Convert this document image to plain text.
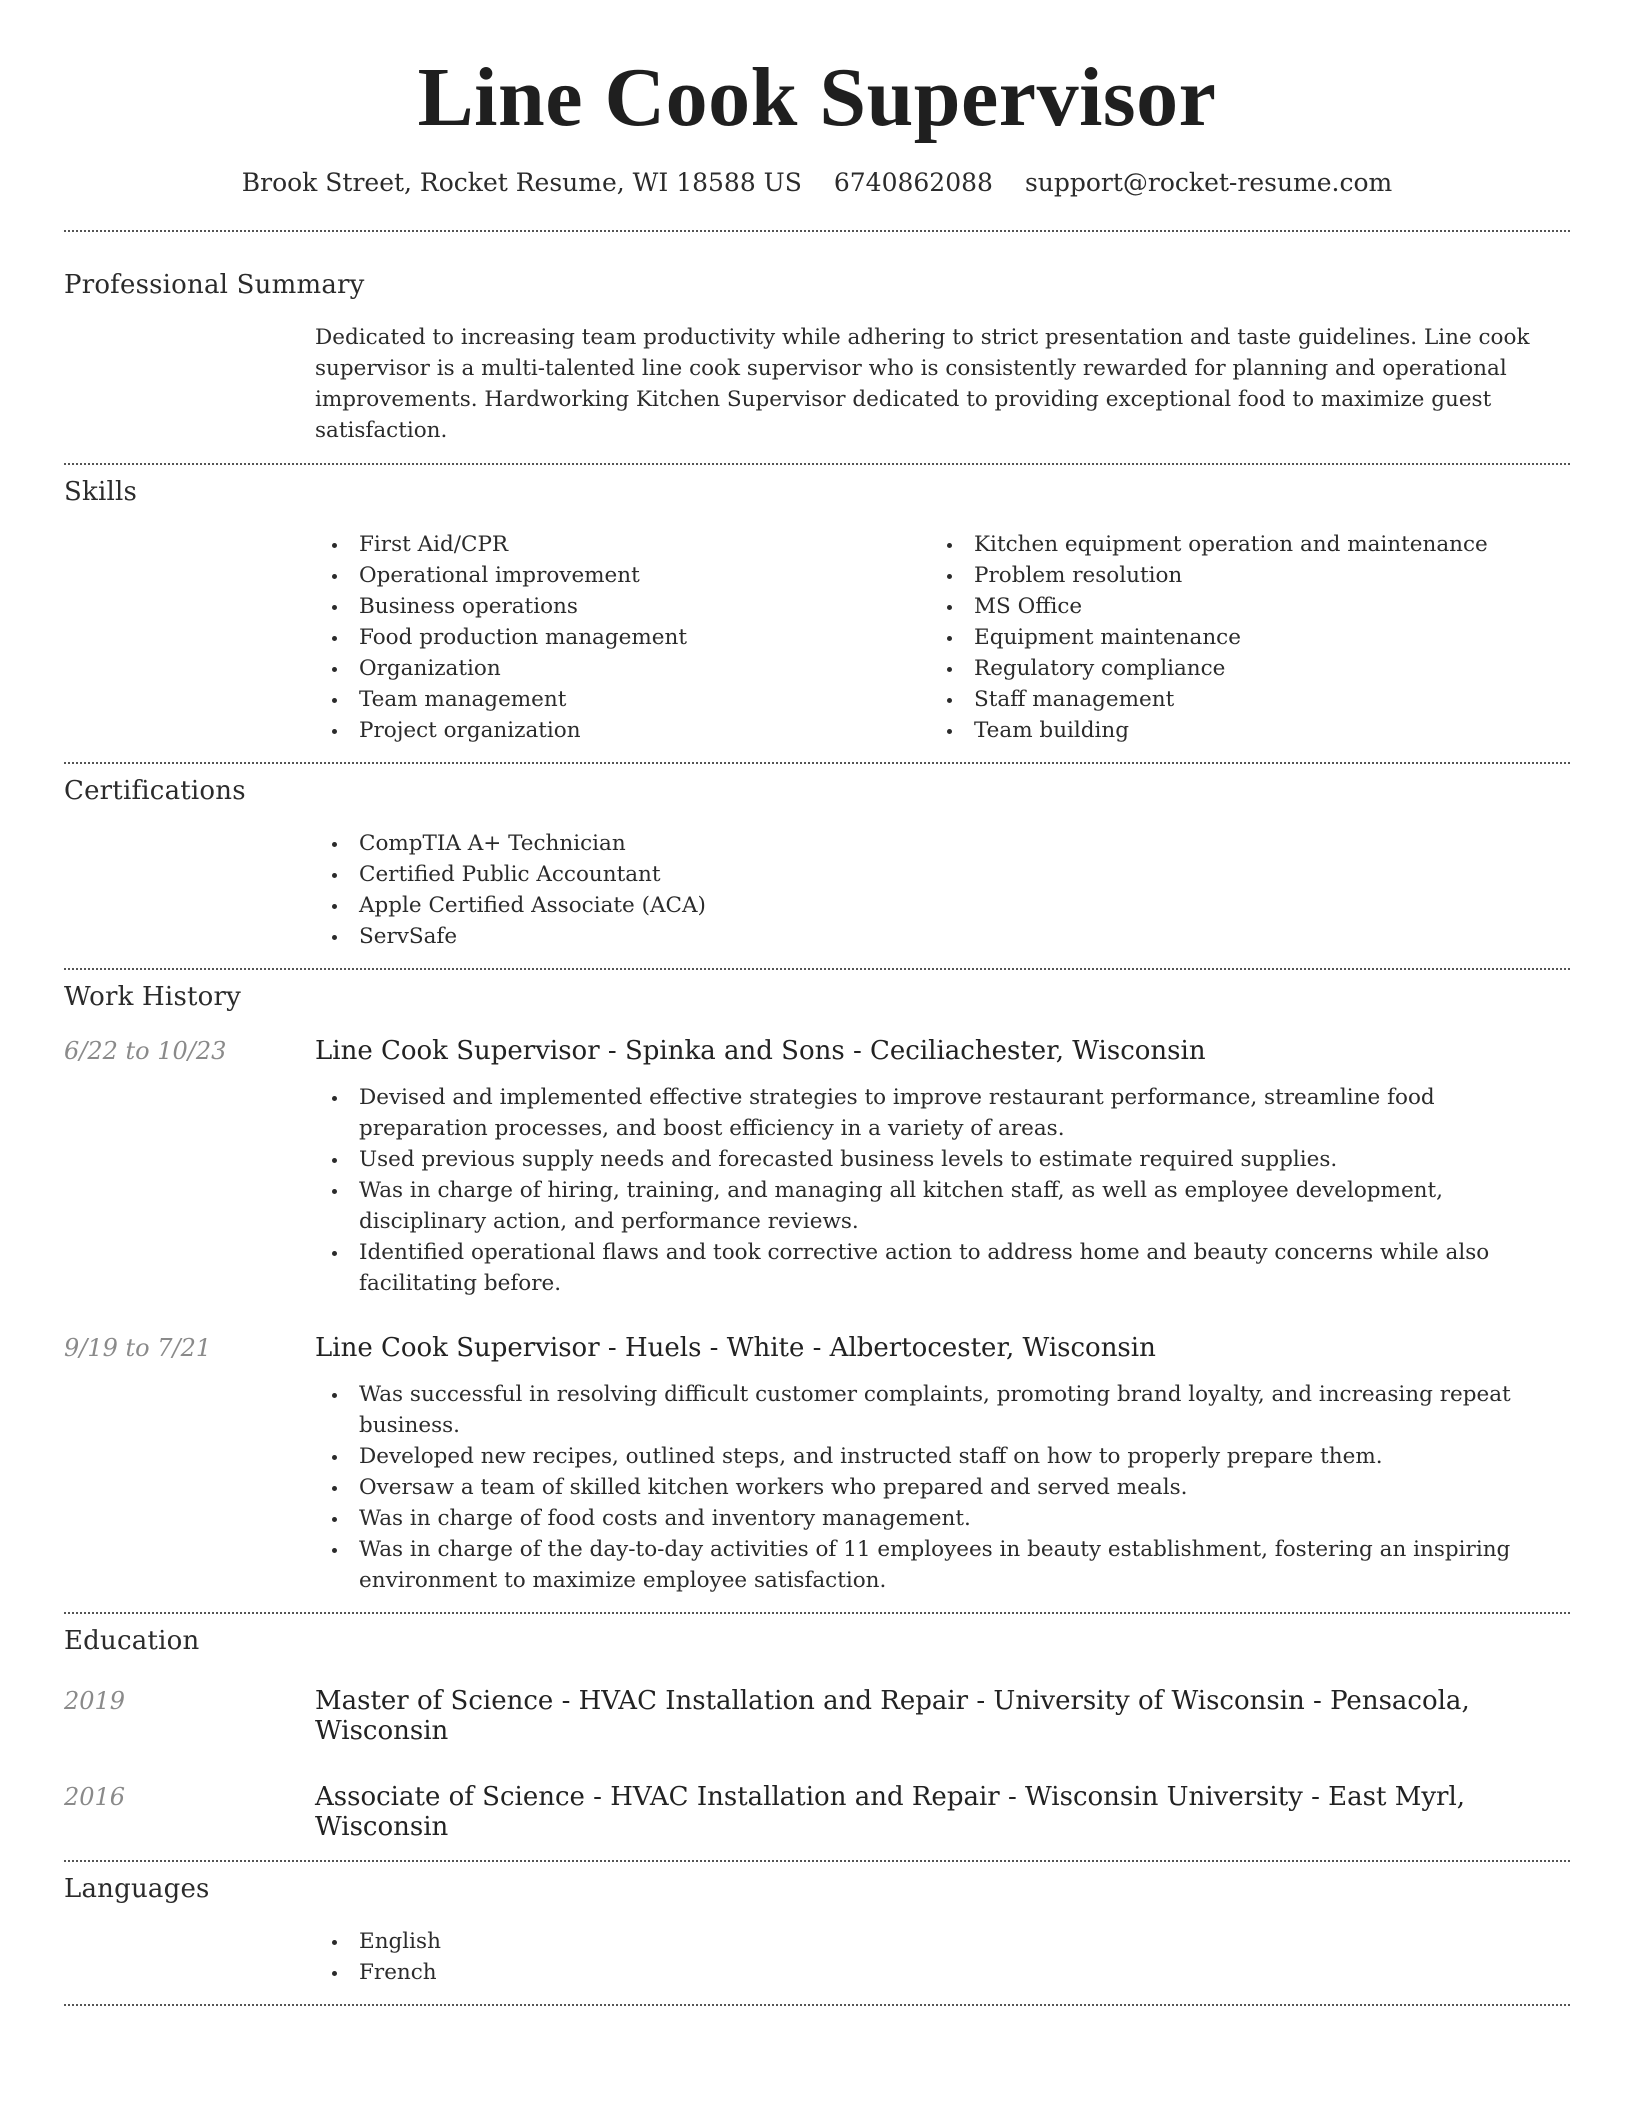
Line Cook Supervisor
Brook Street, Rocket Resume, WI 18588 US 6740862088 support@rocket-resume.com
Professional Summary

Dedicated to increasing team productivity while adhering to strict presentation and taste guidelines. Line cook supervisor is a multi-talented line cook supervisor who is consistently rewarded for planning and operational improvements. Hardworking Kitchen Supervisor dedicated to providing exceptional food to maximize guest satisfaction.

Skills
First Aid/CPR
Operational improvement
Business operations
Food production management
Organization
Team management
Project organization
Kitchen equipment operation and maintenance
Problem resolution
MS Office
Equipment maintenance
Regulatory compliance
Staff management
Team building
Certifications
CompTIA A+ Technician
Certified Public Accountant
Apple Certified Associate (ACA)
ServSafe
Work History
6/22 to 10/23	Line Cook Supervisor - Spinka and Sons - Ceciliachester, Wisconsin
Devised and implemented effective strategies to improve restaurant performance, streamline food preparation processes, and boost efficiency in a variety of areas.
Used previous supply needs and forecasted business levels to estimate required supplies.
Was in charge of hiring, training, and managing all kitchen staff, as well as employee development, disciplinary action, and performance reviews.
Identified operational flaws and took corrective action to address home and beauty concerns while also facilitating before.
9/19 to 7/21	Line Cook Supervisor - Huels - White - Albertocester, Wisconsin
Was successful in resolving difficult customer complaints, promoting brand loyalty, and increasing repeat business.
Developed new recipes, outlined steps, and instructed staff on how to properly prepare them.
Oversaw a team of skilled kitchen workers who prepared and served meals.
Was in charge of food costs and inventory management.
Was in charge of the day-to-day activities of 11 employees in beauty establishment, fostering an inspiring environment to maximize employee satisfaction.
Education
2019	Master of Science - HVAC Installation and Repair - University of Wisconsin - Pensacola, Wisconsin
2016	Associate of Science - HVAC Installation and Repair - Wisconsin University - East Myrl, Wisconsin
Languages
English
French
